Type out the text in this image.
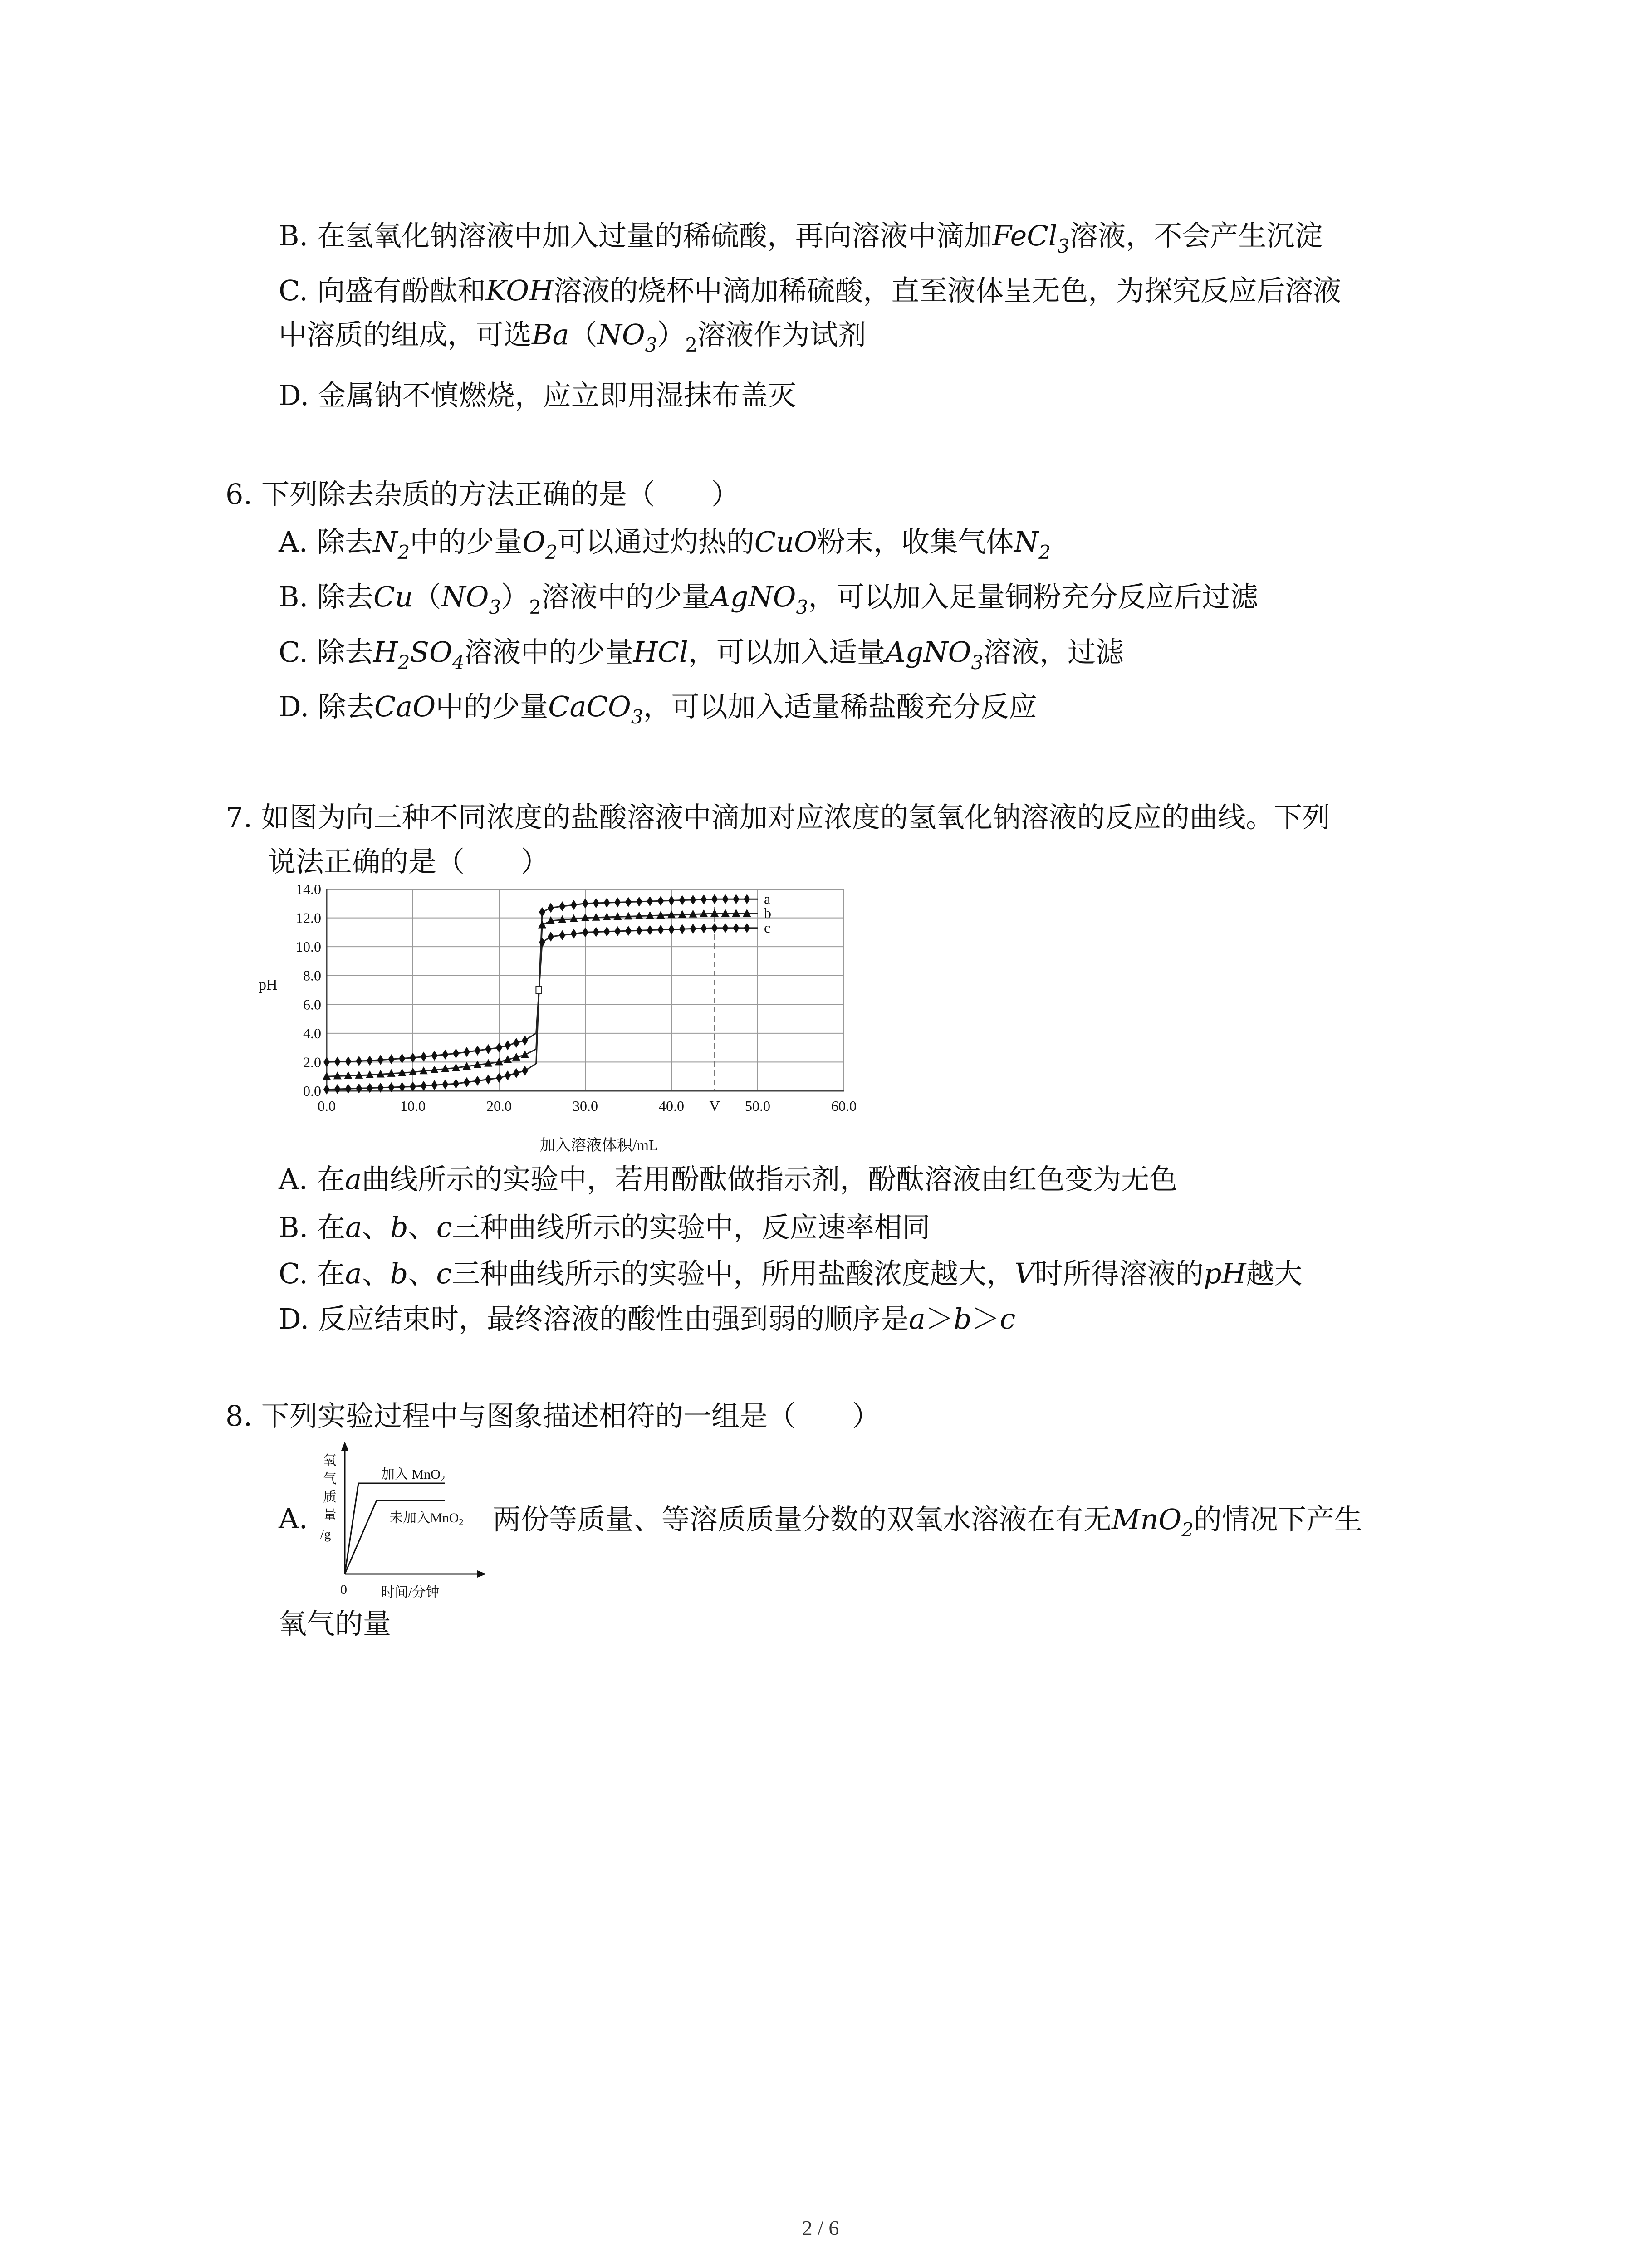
B. 在氢氧化钠溶液中加入过量的稀硫酸，再向溶液中滴加FeCl$_3$溶液，不会产生沉淀
C. 向盛有酚酞和KOH溶液的烧杯中滴加稀硫酸，直至液体呈无色，为探究反应后溶液
中溶质的组成，可选$Ba(NO_3)_2$溶液作为试剂
D. 金属钠不慎燃烧，应立即用湿抹布盖灭
6. 下列除去杂质的方法正确的是（　　）
A. 除去$N_2$中的少量$O_2$可以通过灼热的CuO粉末，收集气体$N_2$
B. 除去$Cu(NO_3)_2$溶液中的少量AgNO$_3$，可以加入足量铜粉充分反应后过滤
C. 除去$H_2SO_4$溶液中的少量HCl，可以加入适量AgNO$_3$溶液，过滤
D. 除去CaO中的少量CaCO$_3$，可以加入适量稀盐酸充分反应
7. 如图为向三种不同浓度的盐酸溶液中滴加对应浓度的氢氧化钠溶液的反应的曲线。下列
说法正确的是（　　）
0.0
2.0
4.0
6.0
8.0
10.0
12.0
14.0
0.0	10.0	20.0	30.0	40.0 V 50.0	60.0
a
b
c
pH
加入溶液体积/mL
A. 在a曲线所示的实验中，若用酚酞做指示剂，酚酞溶液由红色变为无色
B. 在a、b、c三种曲线所示的实验中，反应速率相同
C. 在a、b、c三种曲线所示的实验中，所用盐酸浓度越大，V时所得溶液的pH越大
D. 反应结束时，最终溶液的酸性由强到弱的顺序是a＞b＞c
8. 下列实验过程中与图象描述相符的一组是（　　）
A.
氧
气
质
量
/g
0	时间/分钟
加入 MnO$_2$
未加入MnO$_2$ 两份等质量、等溶质质量分数的双氧水溶液在有无MnO$_2$的情况下产生
氧气的量
2 / 6
